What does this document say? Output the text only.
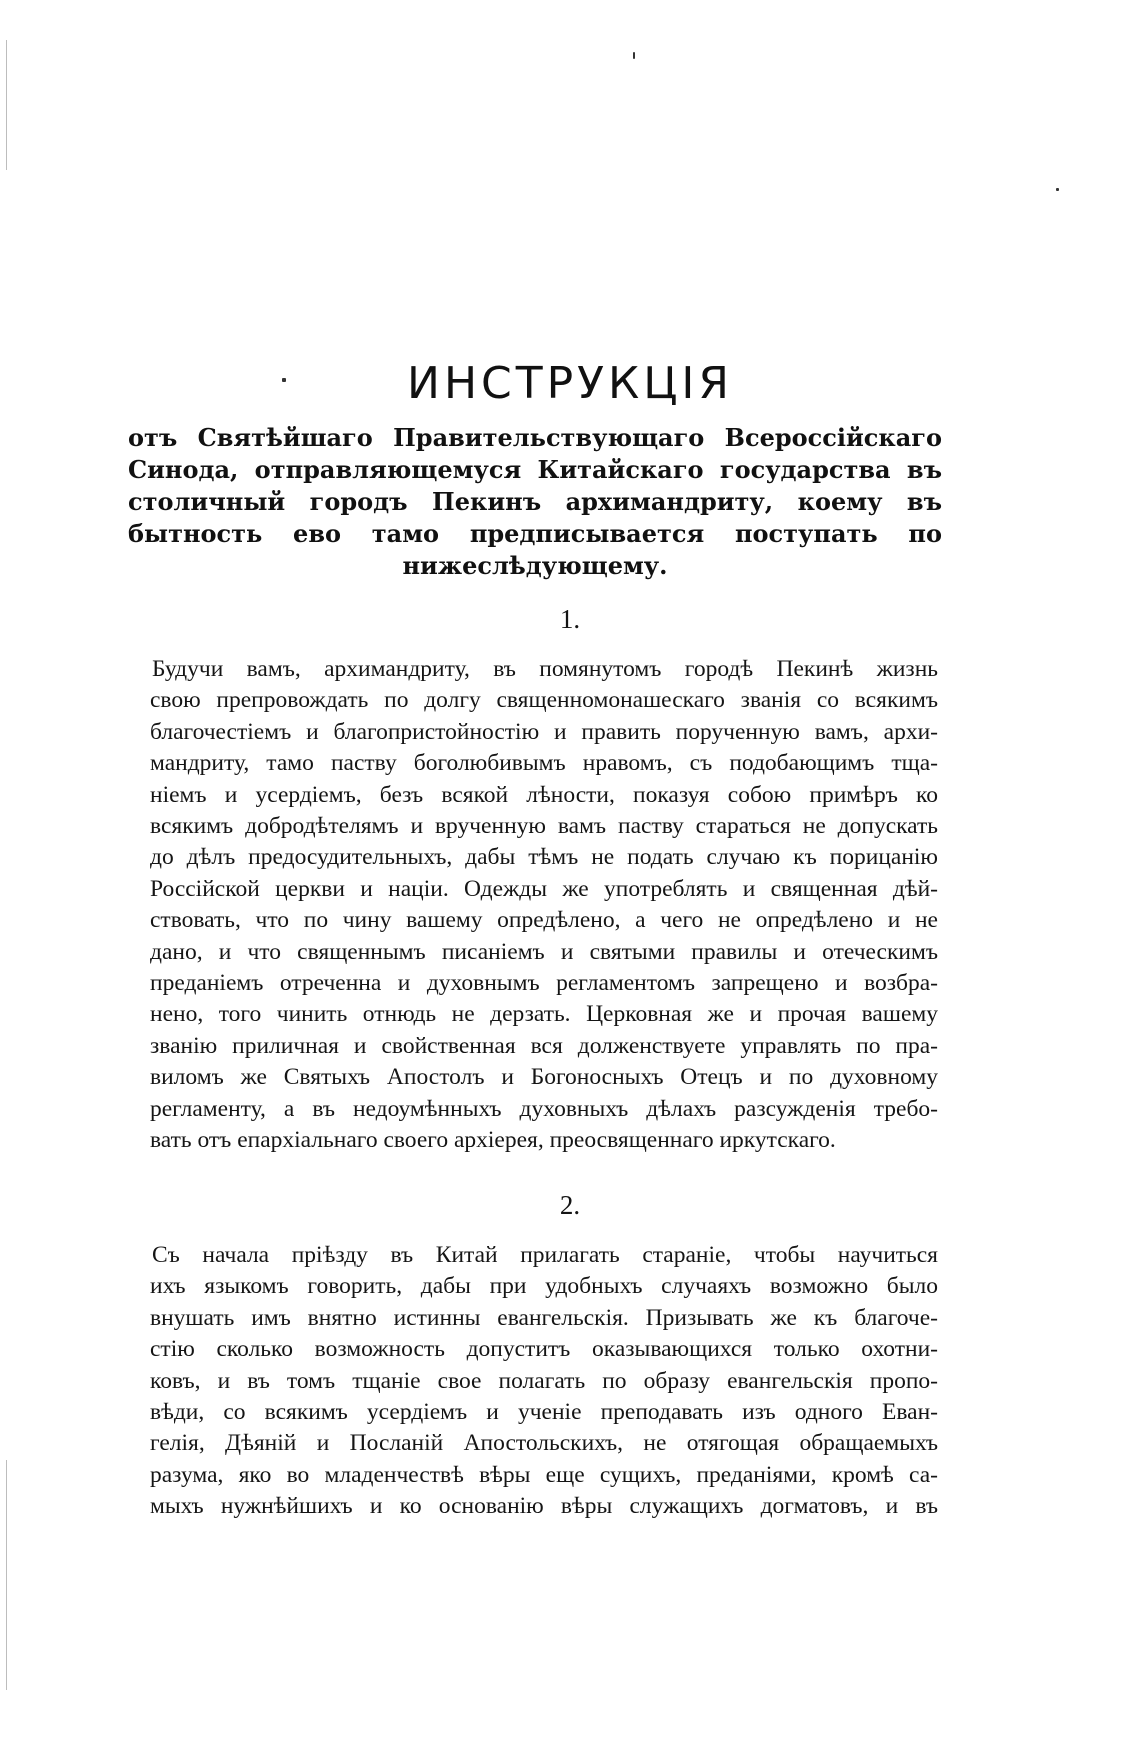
ИНСТРУКЦІЯ
отъ Святѣйшаго Правительствующаго Всероссійскаго Синода, отправляющемуся Китайскаго государства въ столичный городъ Пекинъ архимандриту, коему въ бытность ево тамо предписывается поступать по нижеслѣдующему.
1.
Будучи вамъ, архимандриту, въ помянутомъ городѣ Пекинѣ жизнь
свою препровождать по долгу священномонашескаго званія со всякимъ
благочестіемъ и благопристойностію и править порученную вамъ, архи-
мандриту, тамо паству боголюбивымъ нравомъ, съ подобающимъ тща-
ніемъ и усердіемъ, безъ всякой лѣности, показуя собою примѣръ ко
всякимъ добродѣтелямъ и врученную вамъ паству стараться не допускать
до дѣлъ предосудительныхъ, дабы тѣмъ не подать случаю къ порицанію
Россійской церкви и націи. Одежды же употреблять и священная дѣй-
ствовать, что по чину вашему опредѣлено, а чего не опредѣлено и не
дано, и что священнымъ писаніемъ и святыми правилы и отеческимъ
преданіемъ отреченна и духовнымъ регламентомъ запрещено и возбра-
нено, того чинить отнюдь не дерзать. Церковная же и прочая вашему
званію приличная и свойственная вся долженствуете управлять по пра-
виломъ же Святыхъ Апостолъ и Богоносныхъ Отецъ и по духовному
регламенту, а въ недоумѣнныхъ духовныхъ дѣлахъ разсужденія требо-
вать отъ епархіальнаго своего архіерея, преосвященнаго иркутскаго.
2.
Съ начала пріѣзду въ Китай прилагать стараніе, чтобы научиться
ихъ языкомъ говорить, дабы при удобныхъ случаяхъ возможно было
внушать имъ внятно истинны евангельскія. Призывать же къ благоче-
стію сколько возможность допуститъ оказывающихся только охотни-
ковъ, и въ томъ тщаніе свое полагать по образу евангельскія пропо-
вѣди, со всякимъ усердіемъ и ученіе преподавать изъ одного Еван-
гелія, Дѣяній и Посланій Апостольскихъ, не отягощая обращаемыхъ
разума, яко во младенчествѣ вѣры еще сущихъ, преданіями, кромѣ са-
мыхъ нужнѣйшихъ и ко основанію вѣры служащихъ догматовъ, и въ
